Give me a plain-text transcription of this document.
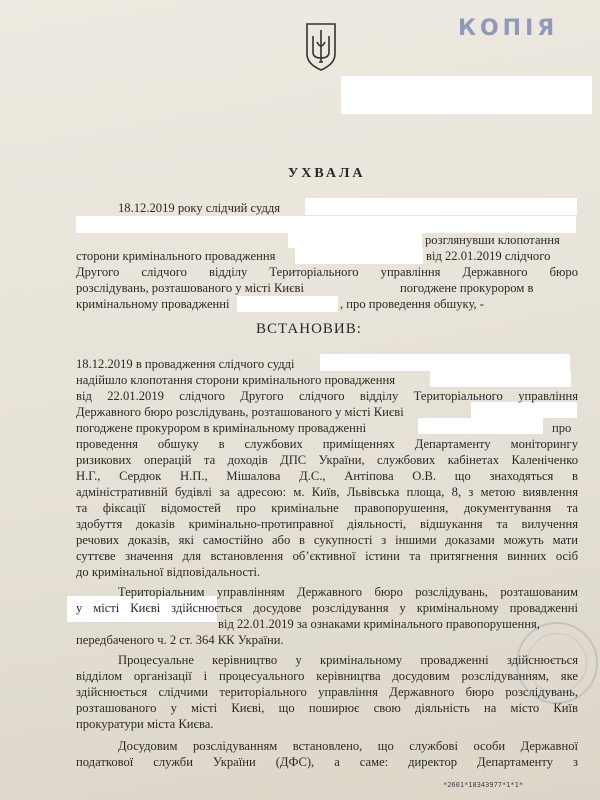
КОПІЯ
УХВАЛА
18.12.2019 року слідчий суддя
розглянувши клопотання
сторони кримінального провадження	від 22.01.2019 слідчого
Другого слідчого відділу Територіального управління Державного бюро
розслідувань, розташованого у місті Києві	погоджене прокурором в
кримінальному провадженні	, про проведення обшуку, -
ВСТАНОВИВ:
18.12.2019 в провадження слідчого судді
надійшло клопотання сторони кримінального провадження
від 22.01.2019 слідчого Другого слідчого відділу Територіального управління
Державного бюро розслідувань, розташованого у місті Києві
погоджене прокурором в кримінальному провадженні	про
проведення обшуку в службових приміщеннях Департаменту моніторингу
ризикових операцій та доходів ДПС України, службових кабінетах Каленіченко
Н.Г., Сердюк Н.П., Мішалова Д.С., Антіпова О.В. що знаходяться в
адміністративній будівлі за адресою: м. Київ, Львівська площа, 8, з метою виявлення
та фіксації відомостей про кримінальне правопорушення, документування та
здобуття доказів кримінально-протиправної діяльності, відшукання та вилучення
речових доказів, які самостійно або в сукупності з іншими доказами можуть мати
суттєве значення для встановлення об’єктивної істини та притягнення винних осіб
до кримінальної відповідальності.
Територіальним управлінням Державного бюро розслідувань, розташованим
у місті Києві здійснюється досудове розслідування у кримінальному провадженні
від 22.01.2019 за ознаками кримінального правопорушення,
передбаченого ч. 2 ст. 364 КК України.
Процесуальне керівництво у кримінальному провадженні здійснюється
відділом організації і процесуального керівництва досудовим розслідуванням, яке
здійснюється слідчими територіального управління Державного бюро розслідувань,
розташованого у місті Києві, що поширює свою діяльність на місто Київ
прокуратури міста Києва.
Досудовим розслідуванням встановлено, що службові особи Державної
податкової служби України (ДФС), а саме: директор Департаменту з
*2601*18343977*1*1*
